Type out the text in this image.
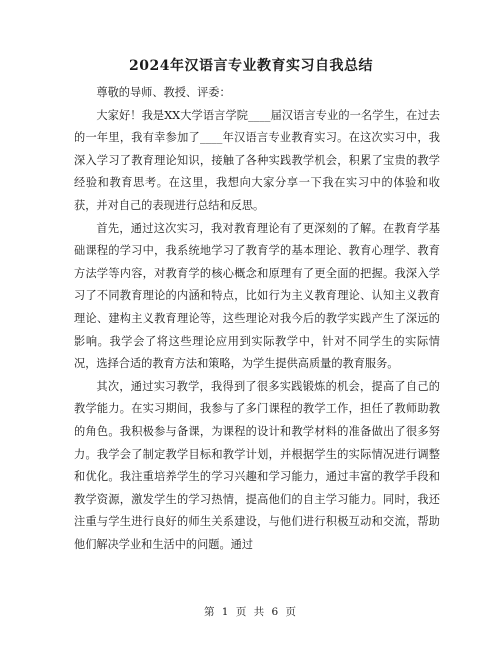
2024年汉语言专业教育实习自我总结

尊敬的导师、教授、评委：

大家好！我是XX大学语言学院____届汉语言专业的一名学生，在过去的一年里，我有幸参加了____年汉语言专业教育实习。在这次实习中，我深入学习了教育理论知识，接触了各种实践教学机会，积累了宝贵的教学经验和教育思考。在这里，我想向大家分享一下我在实习中的体验和收获，并对自己的表现进行总结和反思。

首先，通过这次实习，我对教育理论有了更深刻的了解。在教育学基础课程的学习中，我系统地学习了教育学的基本理论、教育心理学、教育方法学等内容，对教育学的核心概念和原理有了更全面的把握。我深入学习了不同教育理论的内涵和特点，比如行为主义教育理论、认知主义教育理论、建构主义教育理论等，这些理论对我今后的教学实践产生了深远的影响。我学会了将这些理论应用到实际教学中，针对不同学生的实际情况，选择合适的教育方法和策略，为学生提供高质量的教育服务。

其次，通过实习教学，我得到了很多实践锻炼的机会，提高了自己的教学能力。在实习期间，我参与了多门课程的教学工作，担任了教师助教的角色。我积极参与备课，为课程的设计和教学材料的准备做出了很多努力。我学会了制定教学目标和教学计划，并根据学生的实际情况进行调整和优化。我注重培养学生的学习兴趣和学习能力，通过丰富的教学手段和教学资源，激发学生的学习热情，提高他们的自主学习能力。同时，我还注重与学生进行良好的师生关系建设，与他们进行积极互动和交流，帮助他们解决学业和生活中的问题。通过

第 1 页 共 6 页
